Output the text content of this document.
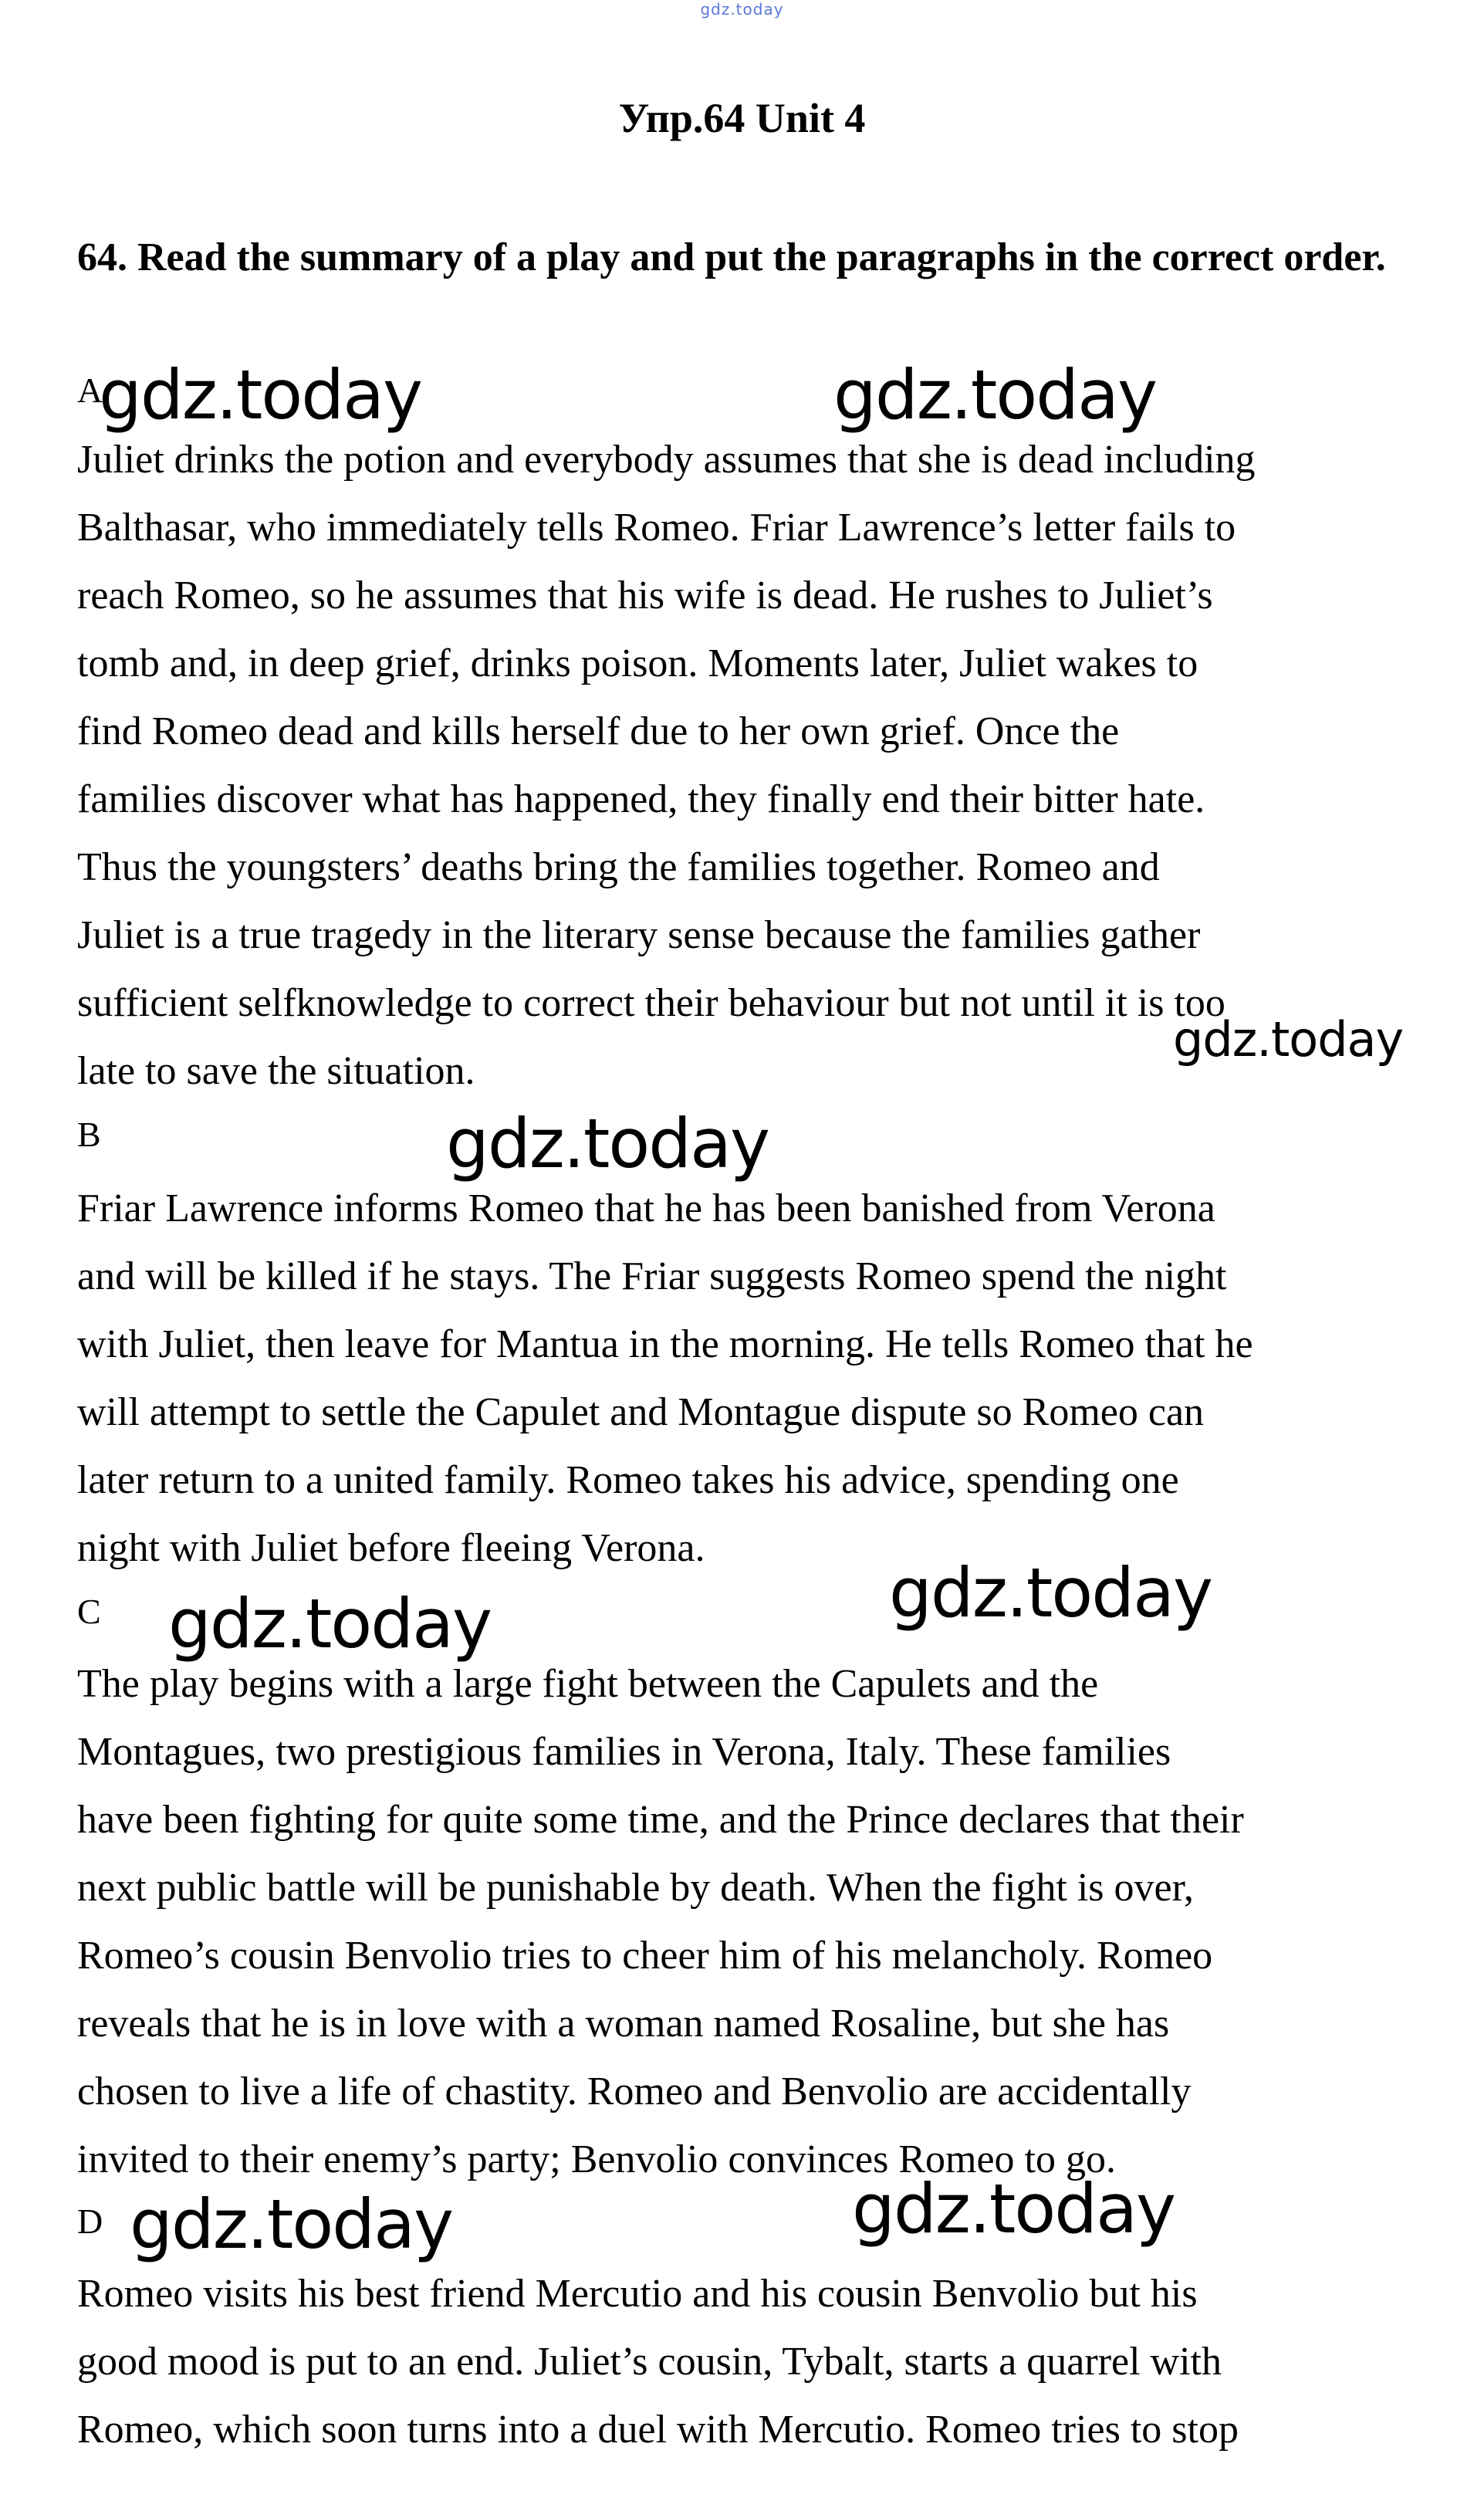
gdz.today
Упр.64 Unit 4
64. Read the summary of a play and put the paragraphs in the correct order.
A
Juliet drinks the potion and everybody assumes that she is dead including
Balthasar, who immediately tells Romeo. Friar Lawrence’s letter fails to
reach Romeo, so he assumes that his wife is dead. He rushes to Juliet’s
tomb and, in deep grief, drinks poison. Moments later, Juliet wakes to
find Romeo dead and kills herself due to her own grief. Once the
families discover what has happened, they finally end their bitter hate.
Thus the youngsters’ deaths bring the families together. Romeo and
Juliet is a true tragedy in the literary sense because the families gather
sufficient selfknowledge to correct their behaviour but not until it is too
late to save the situation.
B
Friar Lawrence informs Romeo that he has been banished from Verona
and will be killed if he stays. The Friar suggests Romeo spend the night
with Juliet, then leave for Mantua in the morning. He tells Romeo that he
will attempt to settle the Capulet and Montague dispute so Romeo can
later return to a united family. Romeo takes his advice, spending one
night with Juliet before fleeing Verona.
C
The play begins with a large fight between the Capulets and the
Montagues, two prestigious families in Verona, Italy. These families
have been fighting for quite some time, and the Prince declares that their
next public battle will be punishable by death. When the fight is over,
Romeo’s cousin Benvolio tries to cheer him of his melancholy. Romeo
reveals that he is in love with a woman named Rosaline, but she has
chosen to live a life of chastity. Romeo and Benvolio are accidentally
invited to their enemy’s party; Benvolio convinces Romeo to go.
D
Romeo visits his best friend Mercutio and his cousin Benvolio but his
good mood is put to an end. Juliet’s cousin, Tybalt, starts a quarrel with
Romeo, which soon turns into a duel with Mercutio. Romeo tries to stop
gdz.today	gdz.today
gdz.today
gdz.today
gdz.today
gdz.today
gdz.today
gdz.today
